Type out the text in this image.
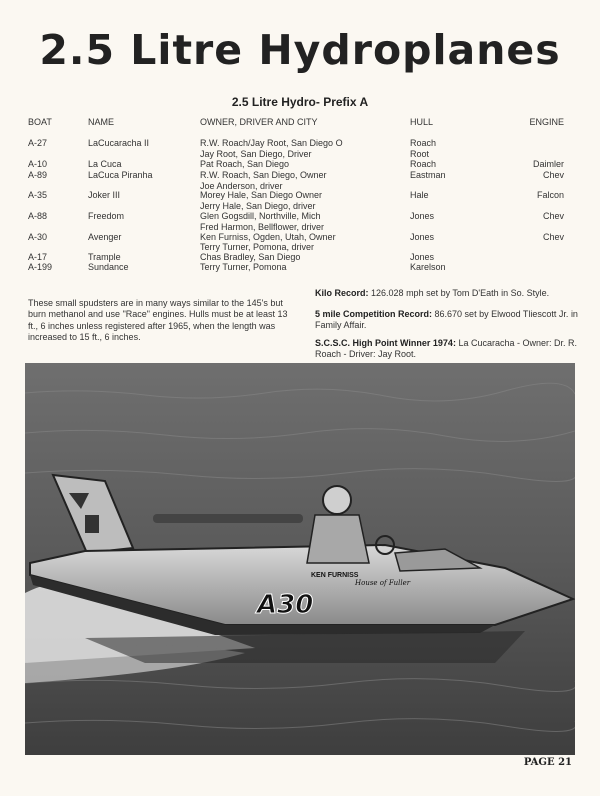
2.5 Litre Hydroplanes
2.5 Litre Hydro- Prefix A
BOAT	NAME	OWNER, DRIVER AND CITY	HULL	ENGINE
A-27	LaCucaracha II	R.W. Roach/Jay Root, San Diego O	Roach
Jay Root, San Diego, Driver	Root
A-10	La Cuca	Pat Roach, San Diego	Roach	Daimler
A-89	LaCuca Piranha	R.W. Roach, San Diego, Owner	Eastman	Chev
Joe Anderson, driver
A-35	Joker III	Morey Hale, San Diego Owner	Hale	Falcon
Jerry Hale, San Diego, driver
A-88	Freedom	Glen Gogsdill, Northville, Mich	Jones	Chev
Fred Harmon, Bellflower, driver
A-30	Avenger	Ken Furniss, Ogden, Utah, Owner	Jones	Chev
Terry Turner, Pomona, driver
A-17	Trample	Chas Bradley, San Diego	Jones
A-199	Sundance	Terry Turner, Pomona	Karelson
These small spudsters are in many ways similar to the 145's but burn methanol and use "Race" engines. Hulls must be at least 13 ft., 6 inches unless registered after 1965, when the length was increased to 15 ft., 6 inches.
Kilo Record: 126.028 mph set by Tom D'Eath in So. Style.
5 mile Competition Record: 86.670 set by Elwood Tliescott Jr. in Family Affair.
S.C.S.C. High Point Winner 1974: La Cucaracha - Owner: Dr. R. Roach - Driver: Jay Root.
A30
KEN FURNISS
House of Fuller
PAGE 21
